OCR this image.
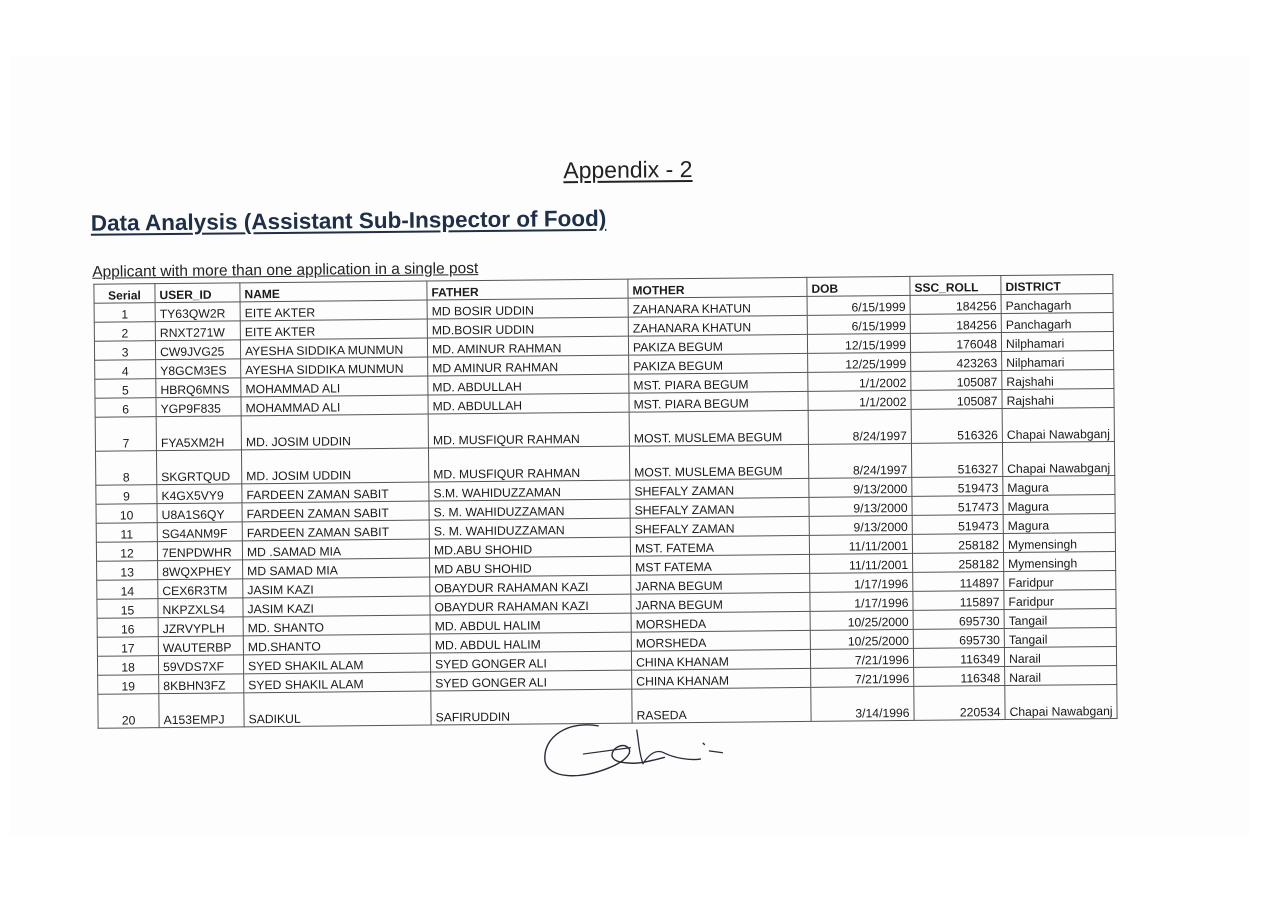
Appendix - 2
Data Analysis (Assistant Sub-Inspector of Food)
Applicant with more than one application in a single post
Serial	USER_ID	NAME	FATHER	MOTHER	DOB	SSC_ROLL	DISTRICT
1	TY63QW2R	EITE AKTER	MD BOSIR UDDIN	ZAHANARA KHATUN	6/15/1999	184256	Panchagarh
2	RNXT271W	EITE AKTER	MD.BOSIR UDDIN	ZAHANARA KHATUN	6/15/1999	184256	Panchagarh
3	CW9JVG25	AYESHA SIDDIKA MUNMUN	MD. AMINUR RAHMAN	PAKIZA BEGUM	12/15/1999	176048	Nilphamari
4	Y8GCM3ES	AYESHA SIDDIKA MUNMUN	MD AMINUR RAHMAN	PAKIZA BEGUM	12/25/1999	423263	Nilphamari
5	HBRQ6MNS	MOHAMMAD ALI	MD. ABDULLAH	MST. PIARA BEGUM	1/1/2002	105087	Rajshahi
6	YGP9F835	MOHAMMAD ALI	MD. ABDULLAH	MST. PIARA BEGUM	1/1/2002	105087	Rajshahi
7	FYA5XM2H	MD. JOSIM UDDIN	MD. MUSFIQUR RAHMAN	MOST. MUSLEMA BEGUM	8/24/1997	516326	Chapai Nawabganj
8	SKGRTQUD	MD. JOSIM UDDIN	MD. MUSFIQUR RAHMAN	MOST. MUSLEMA BEGUM	8/24/1997	516327	Chapai Nawabganj
9	K4GX5VY9	FARDEEN ZAMAN SABIT	S.M. WAHIDUZZAMAN	SHEFALY ZAMAN	9/13/2000	519473	Magura
10	U8A1S6QY	FARDEEN ZAMAN SABIT	S. M. WAHIDUZZAMAN	SHEFALY ZAMAN	9/13/2000	517473	Magura
11	SG4ANM9F	FARDEEN ZAMAN SABIT	S. M. WAHIDUZZAMAN	SHEFALY ZAMAN	9/13/2000	519473	Magura
12	7ENPDWHR	MD .SAMAD MIA	MD.ABU SHOHID	MST. FATEMA	11/11/2001	258182	Mymensingh
13	8WQXPHEY	MD SAMAD MIA	MD ABU SHOHID	MST FATEMA	11/11/2001	258182	Mymensingh
14	CEX6R3TM	JASIM KAZI	OBAYDUR RAHAMAN KAZI	JARNA BEGUM	1/17/1996	114897	Faridpur
15	NKPZXLS4	JASIM KAZI	OBAYDUR RAHAMAN KAZI	JARNA BEGUM	1/17/1996	115897	Faridpur
16	JZRVYPLH	MD. SHANTO	MD. ABDUL HALIM	MORSHEDA	10/25/2000	695730	Tangail
17	WAUTERBP	MD.SHANTO	MD. ABDUL HALIM	MORSHEDA	10/25/2000	695730	Tangail
18	59VDS7XF	SYED SHAKIL ALAM	SYED GONGER ALI	CHINA KHANAM	7/21/1996	116349	Narail
19	8KBHN3FZ	SYED SHAKIL ALAM	SYED GONGER ALI	CHINA KHANAM	7/21/1996	116348	Narail
20	A153EMPJ	SADIKUL	SAFIRUDDIN	RASEDA	3/14/1996	220534	Chapai Nawabganj
